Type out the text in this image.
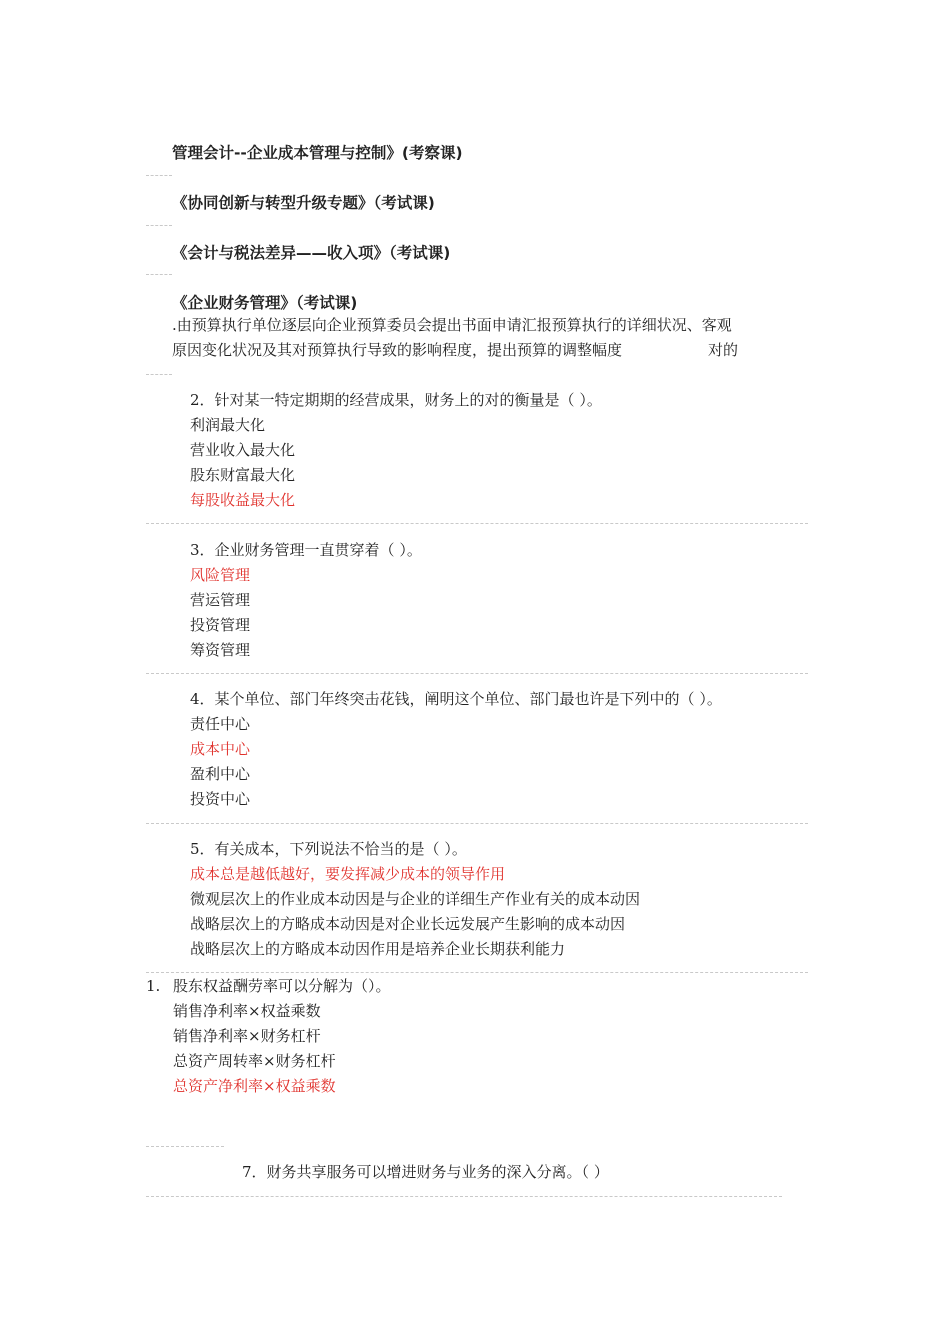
管理会计--企业成本管理与控制》(考察课)
《协同创新与转型升级专题》（考试课)
《会计与税法差异——收入项》（考试课)
《企业财务管理》（考试课)
.由预算执行单位逐层向企业预算委员会提出书面申请汇报预算执行的详细状况、客观
原因变化状况及其对预算执行导致的影响程度，提出预算的调整幅度	对的
2．针对某一特定期期的经营成果，财务上的对的衡量是（ ）。
利润最大化
营业收入最大化
股东财富最大化
每股收益最大化
3．企业财务管理一直贯穿着（ ）。
风险管理
营运管理
投资管理
筹资管理
4．某个单位、部门年终突击花钱，阐明这个单位、部门最也许是下列中的（ ）。
责任中心
成本中心
盈利中心
投资中心
5．有关成本，下列说法不恰当的是（ ）。
成本总是越低越好，要发挥减少成本的领导作用
微观层次上的作业成本动因是与企业的详细生产作业有关的成本动因
战略层次上的方略成本动因是对企业长远发展产生影响的成本动因
战略层次上的方略成本动因作用是培养企业长期获利能力
1. 股东权益酬劳率可以分解为（）。
销售净利率×权益乘数
销售净利率×财务杠杆
总资产周转率×财务杠杆
总资产净利率×权益乘数
7．财务共享服务可以增进财务与业务的深入分离。（ ）
